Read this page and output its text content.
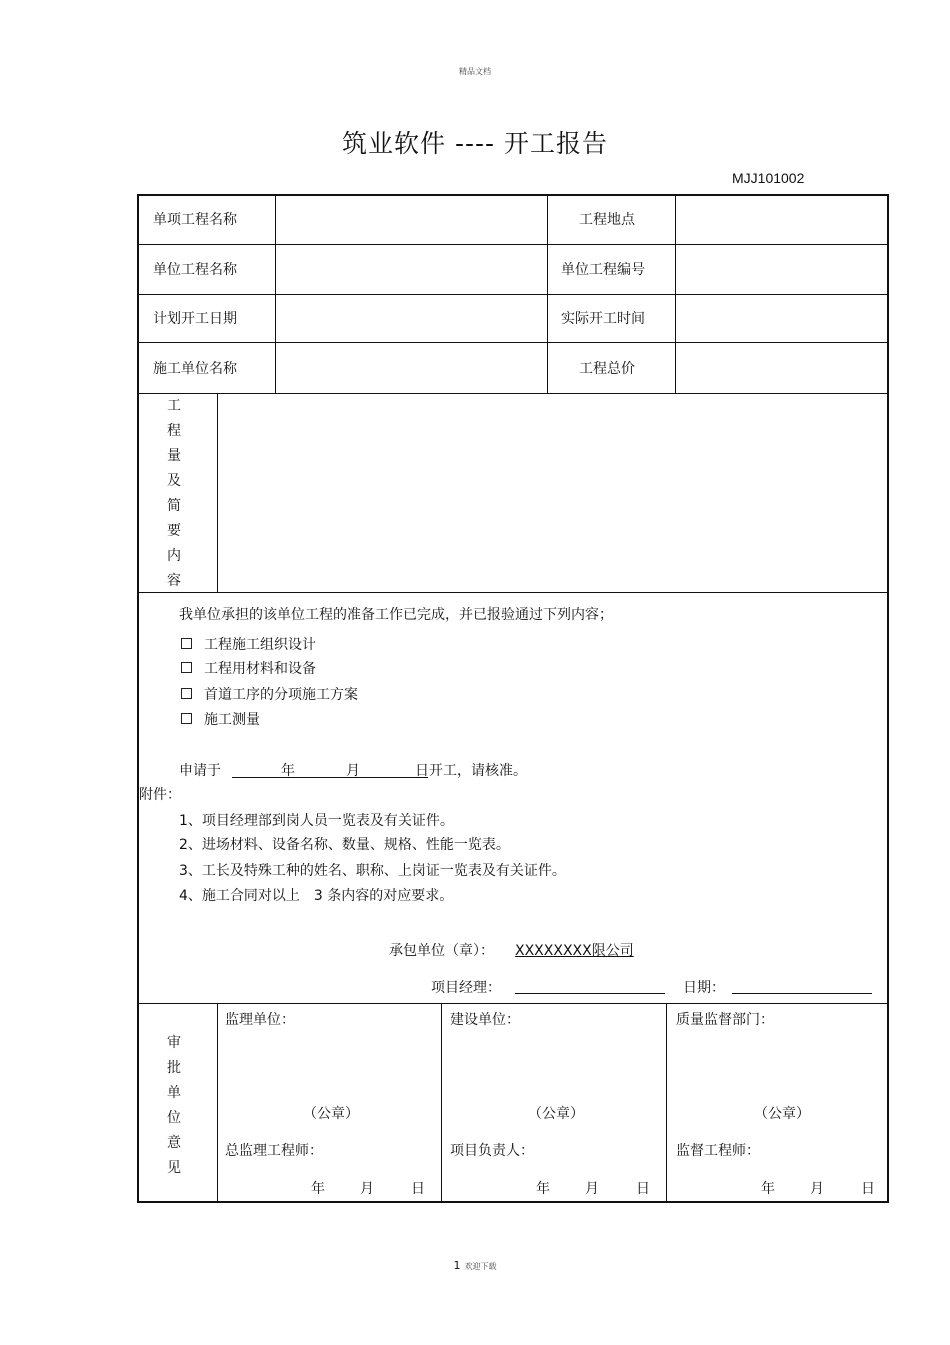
精品文档
筑业软件 ---- 开工报告
MJJ101002
单项工程名称	工程地点
单位工程名称	单位工程编号
计划开工日期	实际开工时间
施工单位名称	工程总价
工
程
量
及
简
要
内
容
我单位承担的该单位工程的准备工作已完成，并已报验通过下列内容；
工程施工组织设计
工程用材料和设备
首道工序的分项施工方案
施工测量
申请于	年	月	日开工，请核准。
附件：
1、项目经理部到岗人员一览表及有关证件。
2、进场材料、设备名称、数量、规格、性能一览表。
3、工长及特殊工种的姓名、职称、上岗证一览表及有关证件。
4、施工合同对以上　3 条内容的对应要求。
承包单位（章）： XXXXXXXX限公司
项目经理：	日期：
审
批
单
位
意
见
监理单位：
（公章）
总监理工程师：
年	月	日
建设单位：
（公章）
项目负责人：
年	月	日
质量监督部门：
（公章）
监督工程师：
年	月	日
1 欢迎下载
